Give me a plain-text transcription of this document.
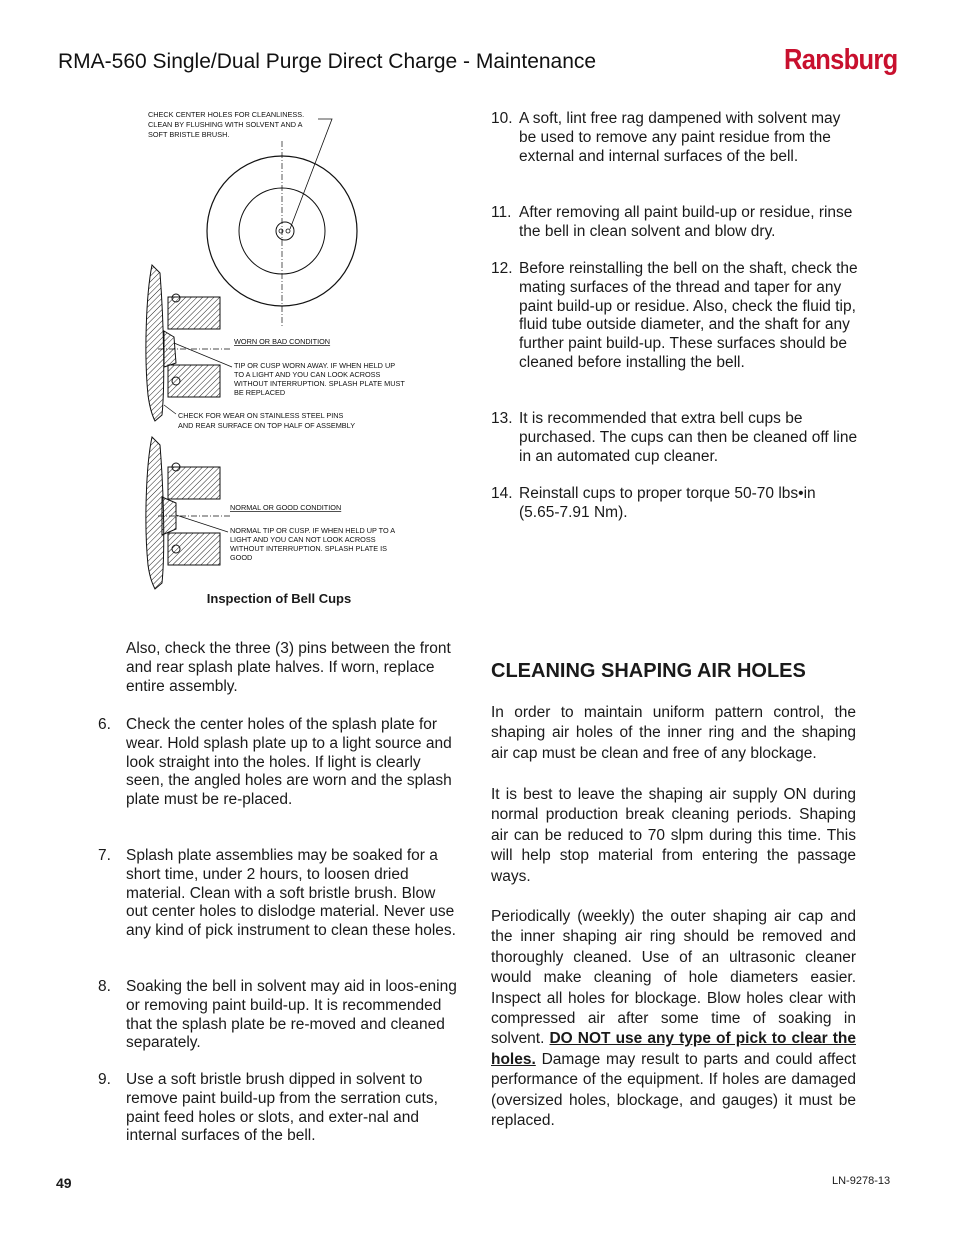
RMA-560 Single/Dual Purge Direct Charge - Maintenance	Ransburg
CHECK CENTER HOLES FOR CLEANLINESS.
CLEAN BY FLUSHING WITH SOLVENT AND A
SOFT BRISTLE BRUSH.
WORN OR BAD CONDITION
TIP OR CUSP WORN AWAY. IF WHEN HELD UP
TO A LIGHT AND YOU CAN LOOK ACROSS
WITHOUT INTERRUPTION. SPLASH PLATE MUST
BE REPLACED
CHECK FOR WEAR ON STAINLESS STEEL PINS
AND REAR SURFACE ON TOP HALF OF ASSEMBLY
NORMAL OR GOOD CONDITION
NORMAL TIP OR CUSP. IF WHEN HELD UP TO A
LIGHT AND YOU CAN NOT LOOK ACROSS
WITHOUT INTERRUPTION. SPLASH PLATE IS
GOOD
Inspection of Bell Cups
Also, check the three (3) pins between the front and rear splash plate halves. If worn, replace entire assembly.
6. Check the center holes of the splash plate for wear. Hold splash plate up to a light source and look straight into the holes. If light is clearly seen, the angled holes are worn and the splash plate must be re-placed.
7. Splash plate assemblies may be soaked for a short time, under 2 hours, to loosen dried material. Clean with a soft bristle brush. Blow out center holes to dislodge material. Never use any kind of pick instrument to clean these holes.
8. Soaking the bell in solvent may aid in loos-ening or removing paint build-up. It is recommended that the splash plate be re-moved and cleaned separately.
9. Use a soft bristle brush dipped in solvent to remove paint build-up from the serration cuts, paint feed holes or slots, and exter-nal and internal surfaces of the bell.
10. A soft, lint free rag dampened with solvent may be used to remove any paint residue from the external and internal surfaces of the bell.
11. After removing all paint build-up or residue, rinse the bell in clean solvent and blow dry.
12. Before reinstalling the bell on the shaft, check the mating surfaces of the thread and taper for any paint build-up or residue. Also, check the fluid tip, fluid tube outside diameter, and the shaft for any further paint build-up. These surfaces should be cleaned before installing the bell.
13. It is recommended that extra bell cups be purchased. The cups can then be cleaned off line in an automated cup cleaner.
14. Reinstall cups to proper torque 50-70 lbs•in (5.65-7.91 Nm).
CLEANING SHAPING AIR HOLES
In order to maintain uniform pattern control, the shaping air holes of the inner ring and the shaping air cap must be clean and free of any blockage.
It is best to leave the shaping air supply ON during normal production break cleaning periods. Shaping air can be reduced to 70 slpm during this time. This will help stop material from entering the passage ways.
Periodically (weekly) the outer shaping air cap and the inner shaping air ring should be removed and thoroughly cleaned. Use of an ultrasonic cleaner would make cleaning of hole diameters easier. Inspect all holes for blockage. Blow holes clear with compressed air after some time of soaking in solvent. DO NOT use any type of pick to clear the holes. Damage may result to parts and could affect performance of the equipment. If holes are damaged (oversized holes, blockage, and gauges) it must be replaced.
49	LN-9278-13
